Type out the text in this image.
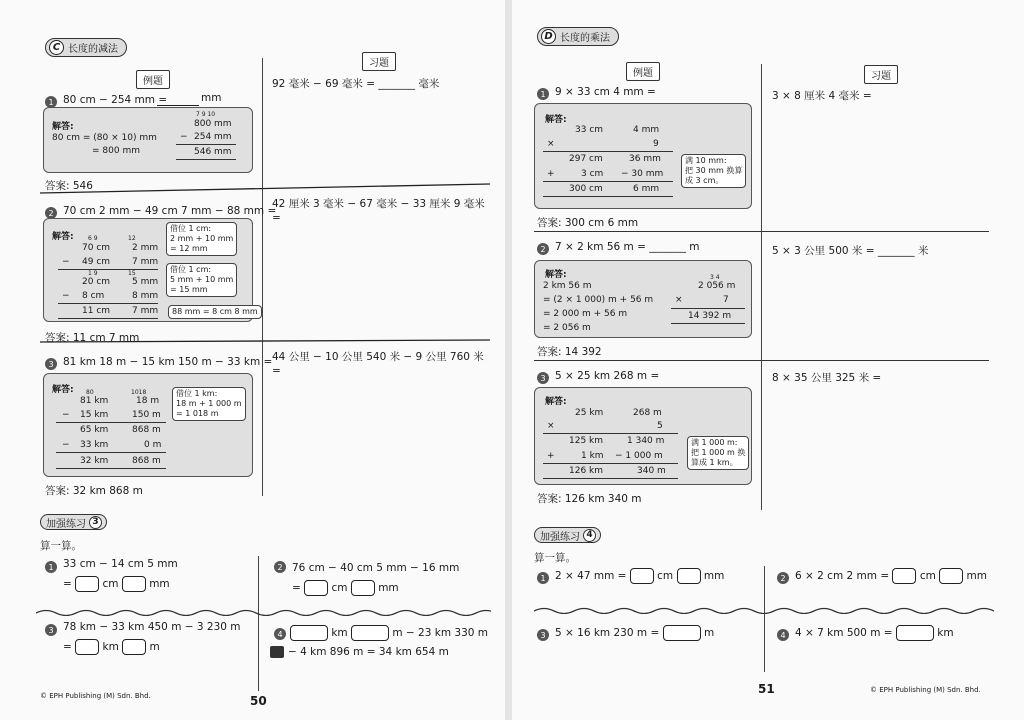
C 长度的减法
例题
习题
1 80 cm − 254 mm =	mm
解答:
80 cm = (80 × 10) mm
= 800 mm
7 9 10
800 mm
− 254 mm
546 mm
答案: 546
92 毫米 − 69 毫米 = _______ 毫米
2 70 cm 2 mm − 49 cm 7 mm − 88 mm =
解答: 6 9	12
70 cm 2 mm
− 49 cm 7 mm
1 9	15
20 cm 5 mm
− 8 cm	8 mm
11 cm 7 mm
借位 1 cm:
2 mm + 10 mm
= 12 mm
借位 1 cm:
5 mm + 10 mm
= 15 mm
88 mm = 8 cm 8 mm
答案: 11 cm 7 mm
42 厘米 3 毫米 − 67 毫米 − 33 厘米 9 毫米
=
3 81 km 18 m − 15 km 150 m − 33 km =
解答: 80	1018
81 km	18 m
− 15 km	150 m
65 km	868 m
− 33 km	0 m
32 km	868 m
借位 1 km:
18 m + 1 000 m
= 1 018 m
答案: 32 km 868 m
44 公里 − 10 公里 540 米 − 9 公里 760 米
=
加强练习 3
算一算。
1 33 cm − 14 cm 5 mm
=	cm	mm
2 76 cm − 40 cm 5 mm − 16 mm
=	cm	mm
3 78 km − 33 km 450 m − 3 230 m
=	km	m
4	km	m − 23 km 330 m
− 4 km 896 m = 34 km 654 m
© EPH Publishing (M) Sdn. Bhd.	50
D 长度的乘法
例题	习题
1 9 × 33 cm 4 mm =
解答:
33 cm	4 mm
×	9
297 cm	36 mm
+	3 cm − 30 mm
300 cm	6 mm
满 10 mm:
把 30 mm 换算
成 3 cm。
答案: 300 cm 6 mm
3 × 8 厘米 4 毫米 =
2 7 × 2 km 56 m = _______ m
解答:
2 km 56 m
= (2 × 1 000) m + 56 m
= 2 000 m + 56 m
= 2 056 m
3 4
2 056 m
×	7
14 392 m
答案: 14 392
5 × 3 公里 500 米 = _______ 米
3 5 × 25 km 268 m =
解答:
25 km	268 m
×	5
125 km	1 340 m
+	1 km − 1 000 m
126 km	340 m
满 1 000 m:
把 1 000 m 换
算成 1 km。
答案: 126 km 340 m
8 × 35 公里 325 米 =
加强练习 4
算一算。
1 2 × 47 mm =	cm	mm	2 6 × 2 cm 2 mm =	cm	mm
3 5 × 16 km 230 m =	m	4 4 × 7 km 500 m =	km
51	© EPH Publishing (M) Sdn. Bhd.
